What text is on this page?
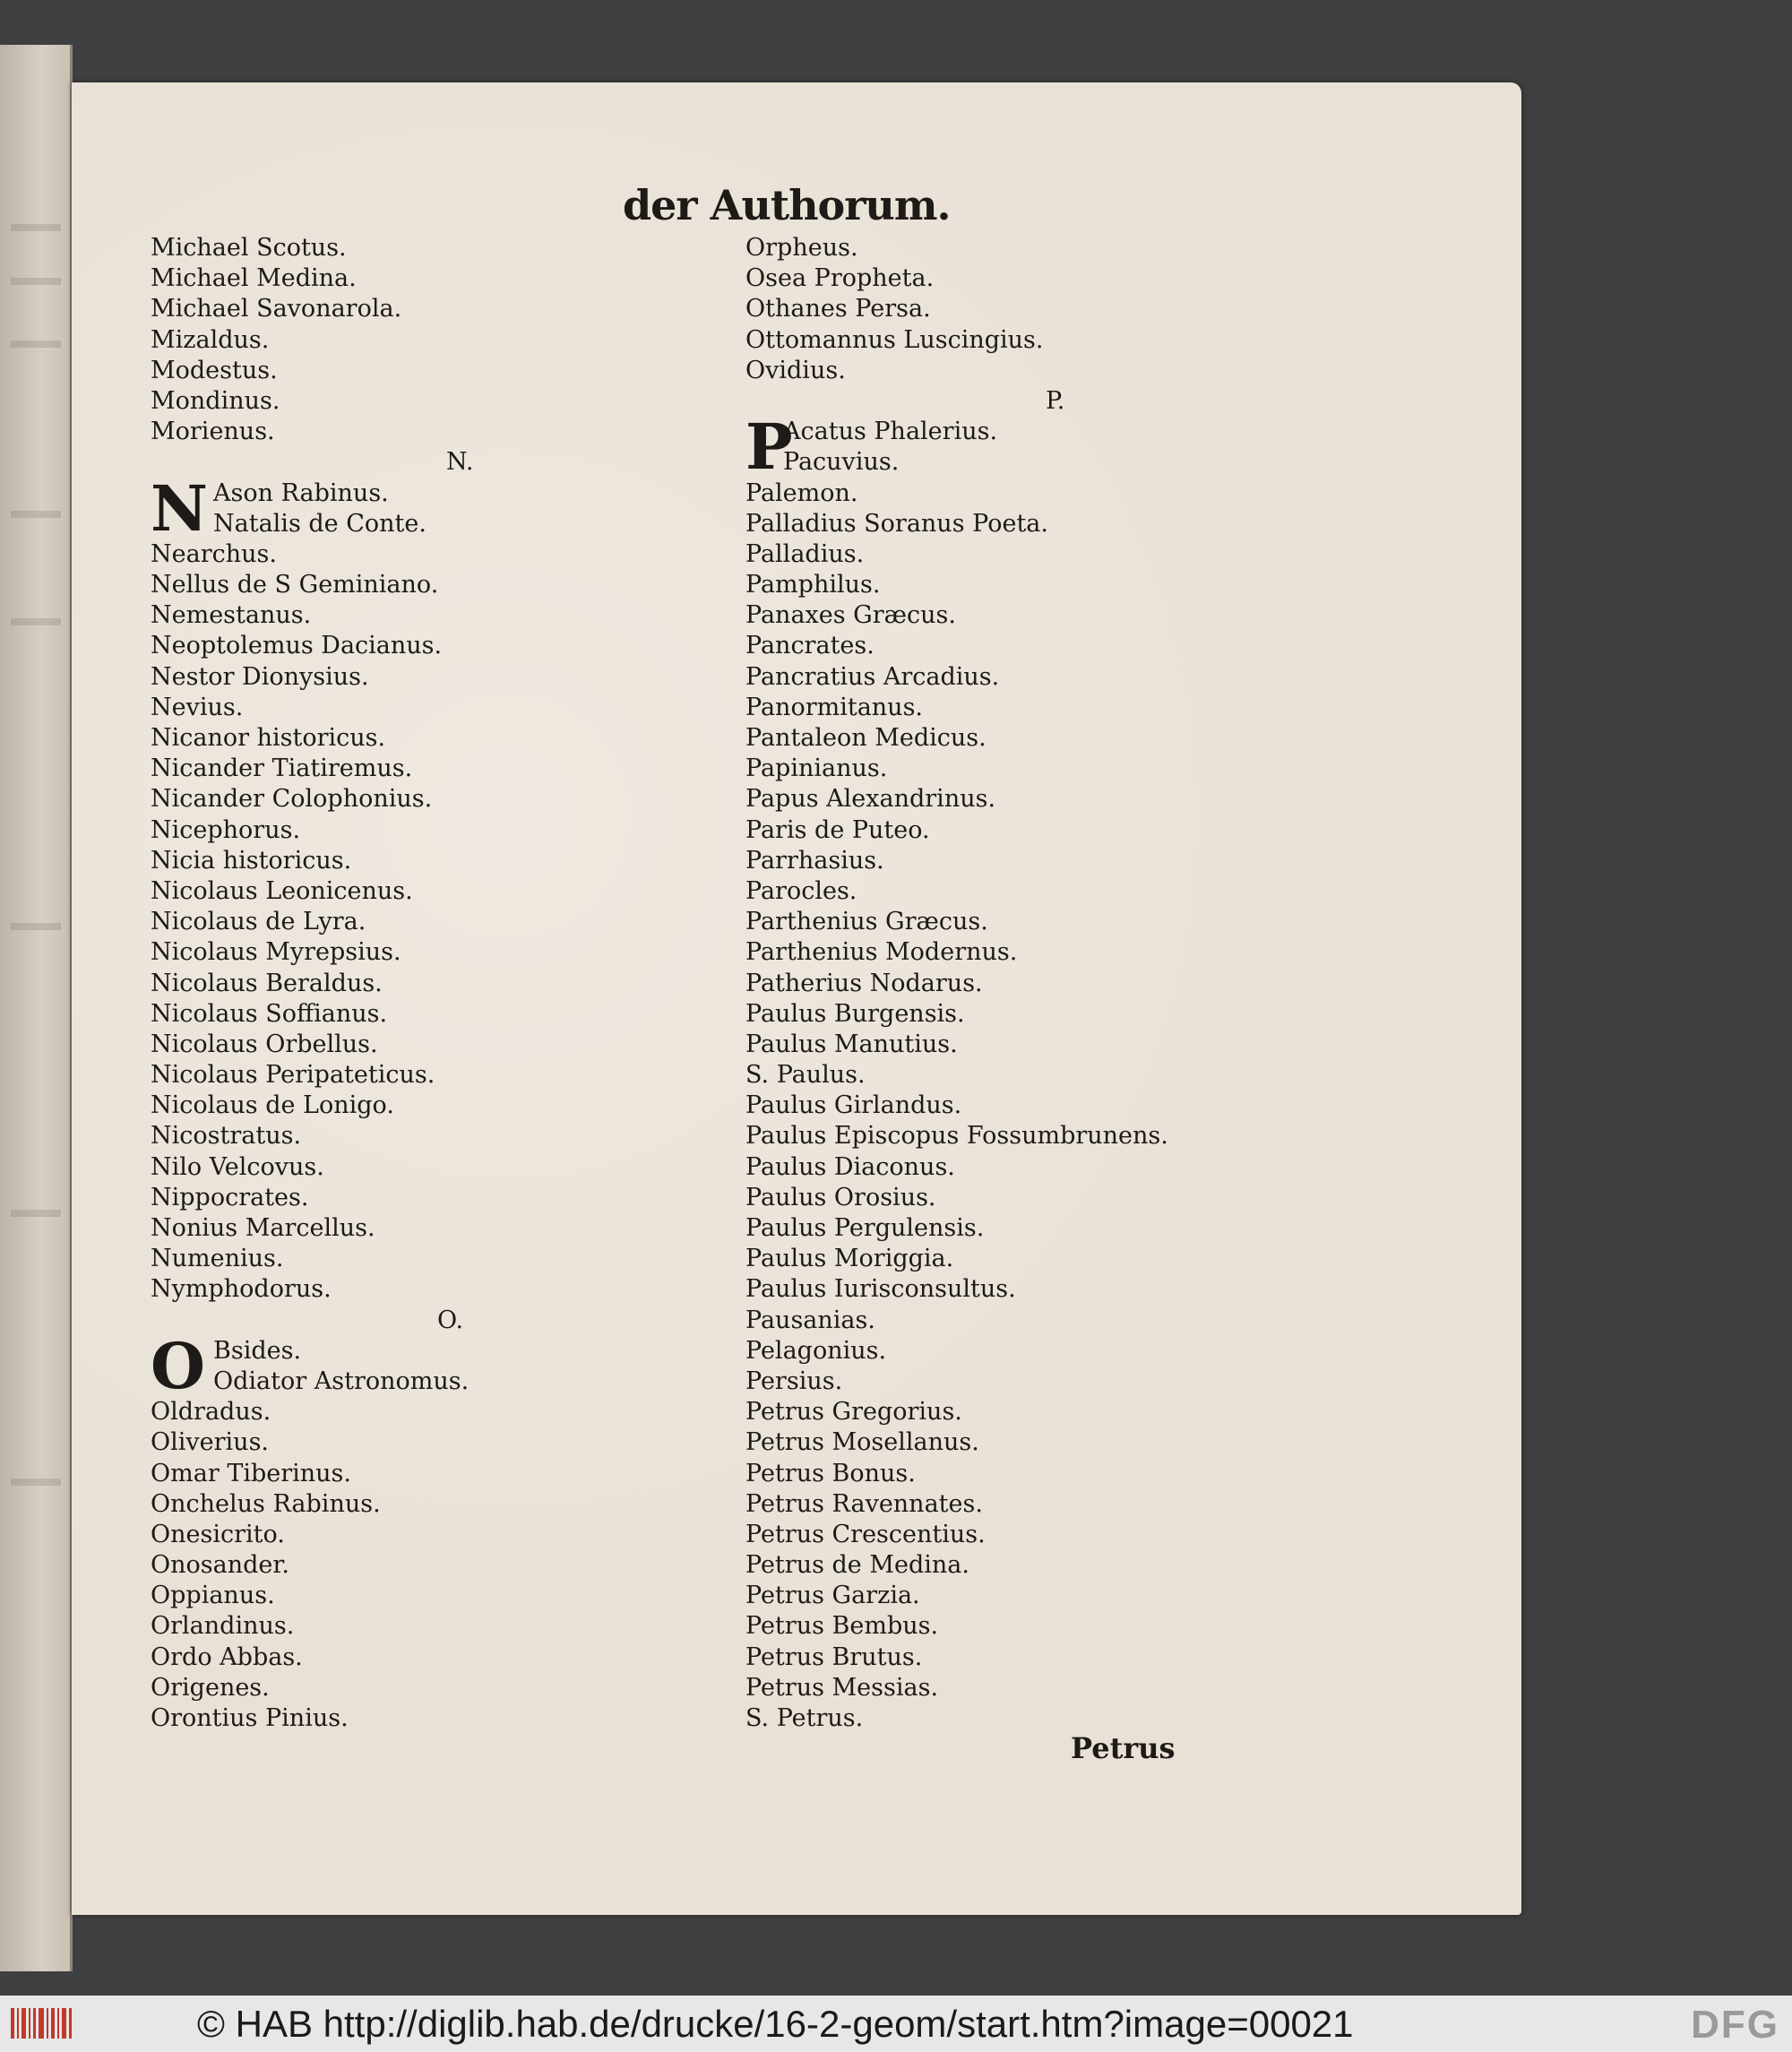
der Authorum.
Michael Scotus.
Michael Medina.
Michael Savonarola.
Mizaldus.
Modestus.
Mondinus.
Morienus.
N.
N Ason Rabinus.
Natalis de Conte.
Nearchus.
Nellus de S Geminiano.
Nemestanus.
Neoptolemus Dacianus.
Nestor Dionysius.
Nevius.
Nicanor historicus.
Nicander Tiatiremus.
Nicander Colophonius.
Nicephorus.
Nicia historicus.
Nicolaus Leonicenus.
Nicolaus de Lyra.
Nicolaus Myrepsius.
Nicolaus Beraldus.
Nicolaus Soffianus.
Nicolaus Orbellus.
Nicolaus Peripateticus.
Nicolaus de Lonigo.
Nicostratus.
Nilo Velcovus.
Nippocrates.
Nonius Marcellus.
Numenius.
Nymphodorus.
O.
O Bsides.
Odiator Astronomus.
Oldradus.
Oliverius.
Omar Tiberinus.
Onchelus Rabinus.
Onesicrito.
Onosander.
Oppianus.
Orlandinus.
Ordo Abbas.
Origenes.
Orontius Pinius.
Orpheus.
Osea Propheta.
Othanes Persa.
Ottomannus Luscingius.
Ovidius.
P.
P
Acatus Phalerius.
Pacuvius.
Palemon.
Palladius Soranus Poeta.
Palladius.
Pamphilus.
Panaxes Græcus.
Pancrates.
Pancratius Arcadius.
Panormitanus.
Pantaleon Medicus.
Papinianus.
Papus Alexandrinus.
Paris de Puteo.
Parrhasius.
Parocles.
Parthenius Græcus.
Parthenius Modernus.
Patherius Nodarus.
Paulus Burgensis.
Paulus Manutius.
S. Paulus.
Paulus Girlandus.
Paulus Episcopus Fossumbrunens.
Paulus Diaconus.
Paulus Orosius.
Paulus Pergulensis.
Paulus Moriggia.
Paulus Iurisconsultus.
Pausanias.
Pelagonius.
Persius.
Petrus Gregorius.
Petrus Mosellanus.
Petrus Bonus.
Petrus Ravennates.
Petrus Crescentius.
Petrus de Medina.
Petrus Garzia.
Petrus Bembus.
Petrus Brutus.
Petrus Messias.
S. Petrus.
Petrus
© HAB http://diglib.hab.de/drucke/16-2-geom/start.htm?image=00021	DFG
